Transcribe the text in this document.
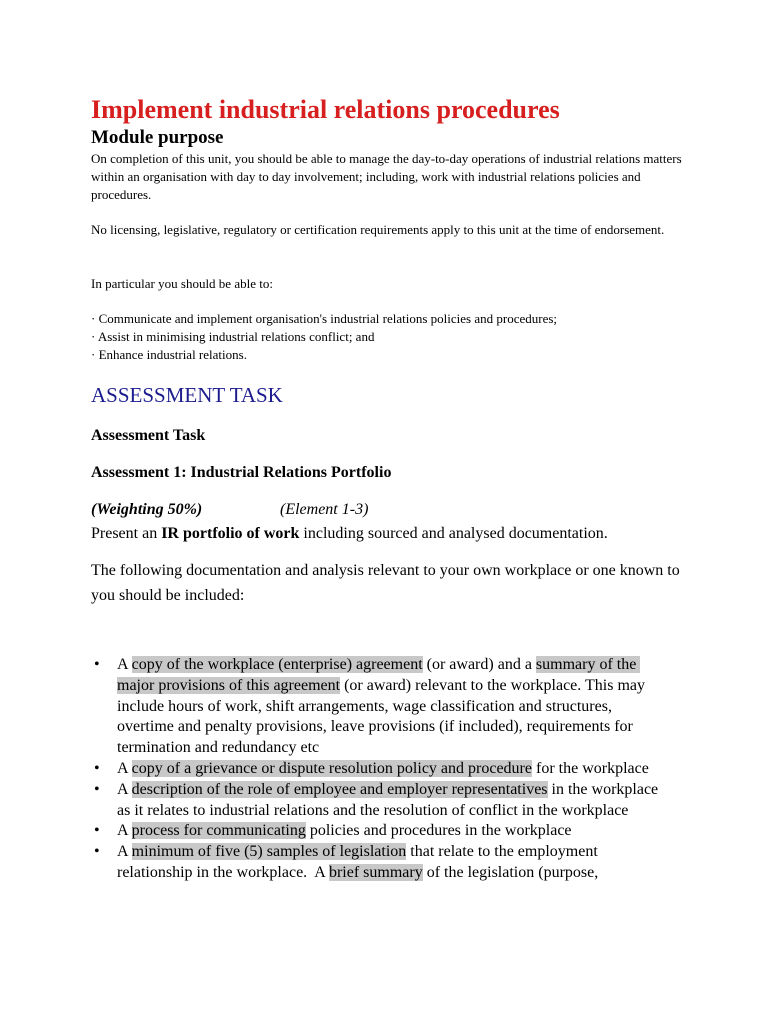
Implement industrial relations procedures
Module purpose

On completion of this unit, you should be able to manage the day-to-day operations of industrial relations matters within an organisation with day to day involvement; including, work with industrial relations policies and procedures.

No licensing, legislative, regulatory or certification requirements apply to this unit at the time of endorsement.

In particular you should be able to:

· Communicate and implement organisation's industrial relations policies and procedures;
· Assist in minimising industrial relations conflict; and
· Enhance industrial relations.
ASSESSMENT TASK

Assessment Task

Assessment 1: Industrial Relations Portfolio

(Weighting 50%)	(Element 1-3)

Present an IR portfolio of work including sourced and analysed documentation.

The following documentation and analysis relevant to your own workplace or one known to you should be included:

•
A copy of the workplace (enterprise) agreement (or award) and a summary of the major provisions of this agreement (or award) relevant to the workplace. This may include hours of work, shift arrangements, wage classification and structures, overtime and penalty provisions, leave provisions (if included), requirements for termination and redundancy etc
•
A copy of a grievance or dispute resolution policy and procedure for the workplace
•
A description of the role of employee and employer representatives in the workplace as it relates to industrial relations and the resolution of conflict in the workplace
•
A process for communicating policies and procedures in the workplace
•
A minimum of five (5) samples of legislation that relate to the employment relationship in the workplace.  A brief summary of the legislation (purpose,
